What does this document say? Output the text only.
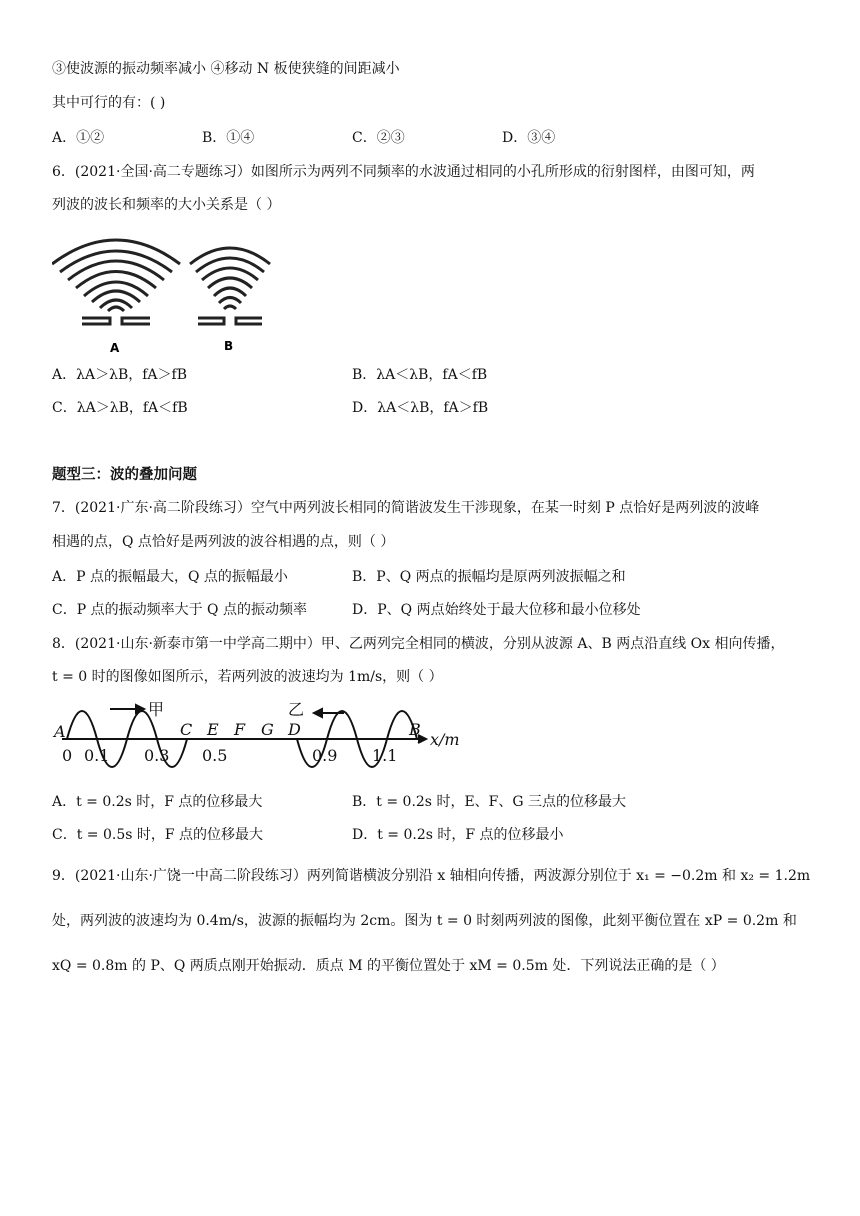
③使波源的振动频率减小 ④移动 N 板使狭缝的间距减小
其中可行的有：( )
A．①②	B．①④	C．②③	D．③④
6．(2021·全国·高二专题练习）如图所示为两列不同频率的水波通过相同的小孔所形成的衍射图样，由图可知，两
列波的波长和频率的大小关系是（ ）
A	B
A．λA＞λB，fA＞fB	B．λA＜λB，fA＜fB
C．λA＞λB，fA＜fB	D．λA＜λB，fA＞fB
题型三：波的叠加问题
7．(2021·广东·高二阶段练习）空气中两列波长相同的简谐波发生干涉现象，在某一时刻 P 点恰好是两列波的波峰
相遇的点，Q 点恰好是两列波的波谷相遇的点，则（ ）
A．P 点的振幅最大，Q 点的振幅最小	B．P、Q 两点的振幅均是原两列波振幅之和
C．P 点的振动频率大于 Q 点的振动频率	D．P、Q 两点始终处于最大位移和最小位移处
8．(2021·山东·新泰市第一中学高二期中）甲、乙两列完全相同的横波，分别从波源 A、B 两点沿直线 Ox 相向传播，
t = 0 时的图像如图所示，若两列波的波速均为 1m/s，则（ ）
A	C E F G D	B
0 0.1 0.3 0.5	0.9 1.1
甲	乙
x/m
A．t = 0.2s 时，F 点的位移最大	B．t = 0.2s 时，E、F、G 三点的位移最大
C．t = 0.5s 时，F 点的位移最大	D．t = 0.2s 时，F 点的位移最小
9．(2021·山东·广饶一中高二阶段练习）两列简谐横波分别沿 x 轴相向传播，两波源分别位于 x₁ = −0.2m 和 x₂ = 1.2m
处，两列波的波速均为 0.4m/s，波源的振幅均为 2cm。图为 t = 0 时刻两列波的图像，此刻平衡位置在 xP = 0.2m 和
xQ = 0.8m 的 P、Q 两质点刚开始振动．质点 M 的平衡位置处于 xM = 0.5m 处．下列说法正确的是（ ）
